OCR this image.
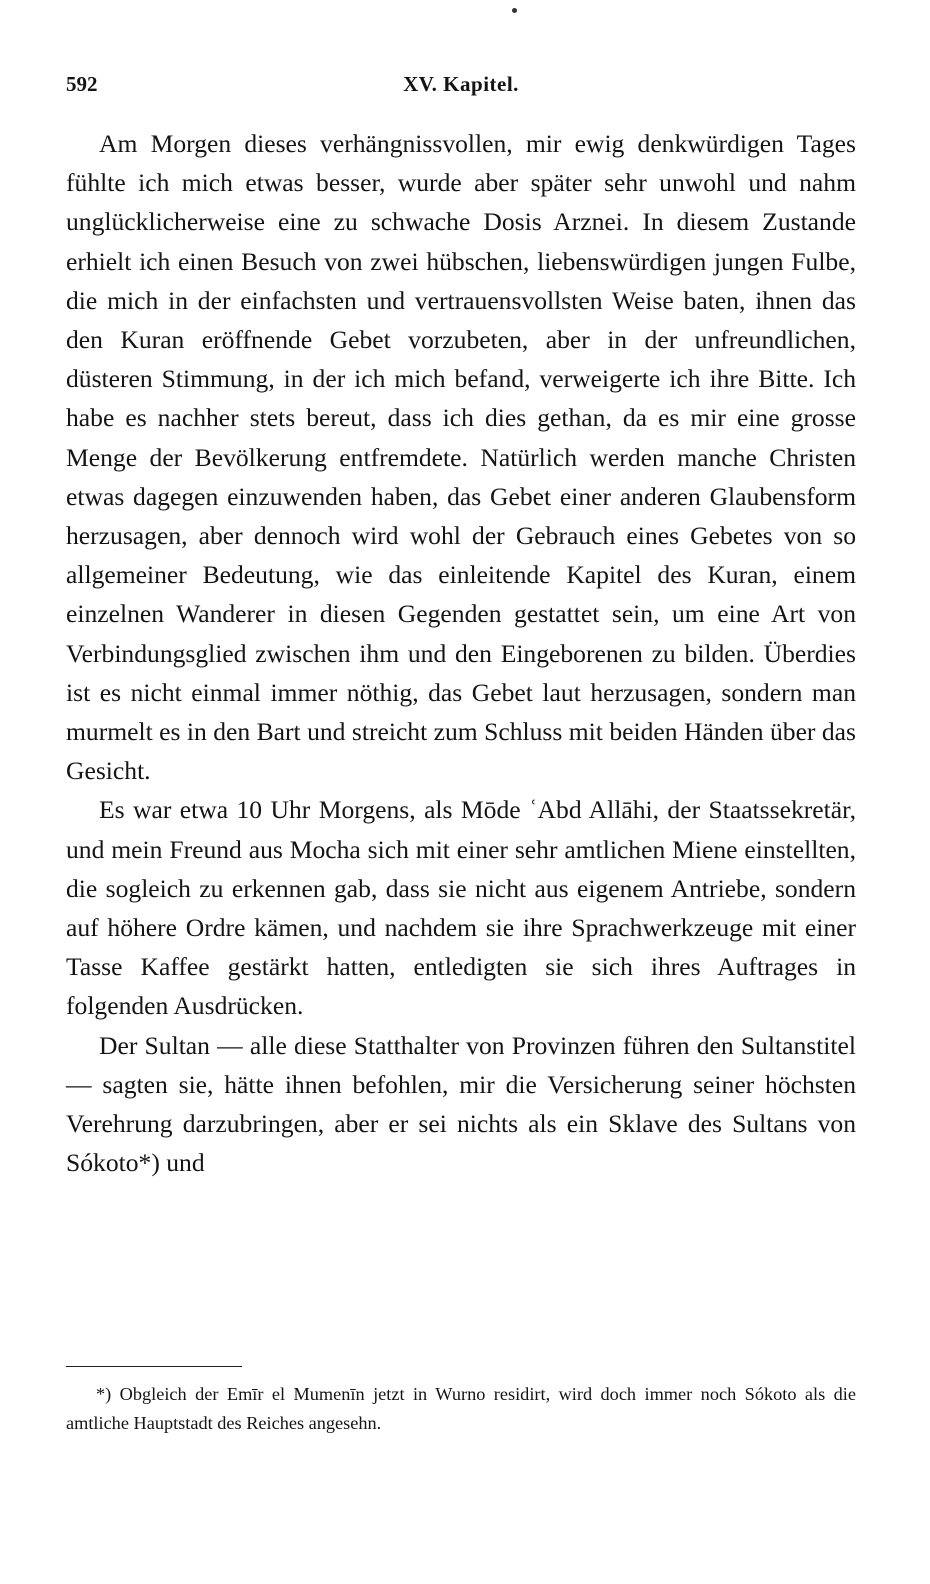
XV. Kapitel.
592

Am Morgen dieses verhängnissvollen, mir ewig denkwürdigen Tages fühlte ich mich etwas besser, wurde aber später sehr unwohl und nahm unglücklicherweise eine zu schwache Dosis Arznei. In diesem Zustande erhielt ich einen Besuch von zwei hübschen, liebenswürdigen jungen Fulbe, die mich in der einfachsten und vertrauensvollsten Weise baten, ihnen das den Kuran eröffnende Gebet vorzubeten, aber in der unfreundlichen, düsteren Stimmung, in der ich mich befand, verweigerte ich ihre Bitte. Ich habe es nachher stets bereut, dass ich dies gethan, da es mir eine grosse Menge der Bevölkerung entfremdete. Natürlich werden manche Christen etwas dagegen einzuwenden haben, das Gebet einer anderen Glaubensform herzusagen, aber dennoch wird wohl der Gebrauch eines Gebetes von so allgemeiner Bedeutung, wie das einleitende Kapitel des Kuran, einem einzelnen Wanderer in diesen Gegenden gestattet sein, um eine Art von Verbindungsglied zwischen ihm und den Eingeborenen zu bilden. Überdies ist es nicht einmal immer nöthig, das Gebet laut herzusagen, sondern man murmelt es in den Bart und streicht zum Schluss mit beiden Händen über das Gesicht.

Es war etwa 10 Uhr Morgens, als Mōde ʿAbd Allāhi, der Staatssekretär, und mein Freund aus Mocha sich mit einer sehr amtlichen Miene einstellten, die sogleich zu erkennen gab, dass sie nicht aus eigenem Antriebe, sondern auf höhere Ordre kämen, und nachdem sie ihre Sprachwerkzeuge mit einer Tasse Kaffee gestärkt hatten, entledigten sie sich ihres Auftrages in folgenden Ausdrücken.

Der Sultan — alle diese Statthalter von Provinzen führen den Sultanstitel — sagten sie, hätte ihnen befohlen, mir die Versicherung seiner höchsten Verehrung darzubringen, aber er sei nichts als ein Sklave des Sultans von Sókoto*) und

*) Obgleich der Emīr el Mumenīn jetzt in Wurno residirt, wird doch immer noch Sókoto als die amtliche Hauptstadt des Reiches angesehn.
